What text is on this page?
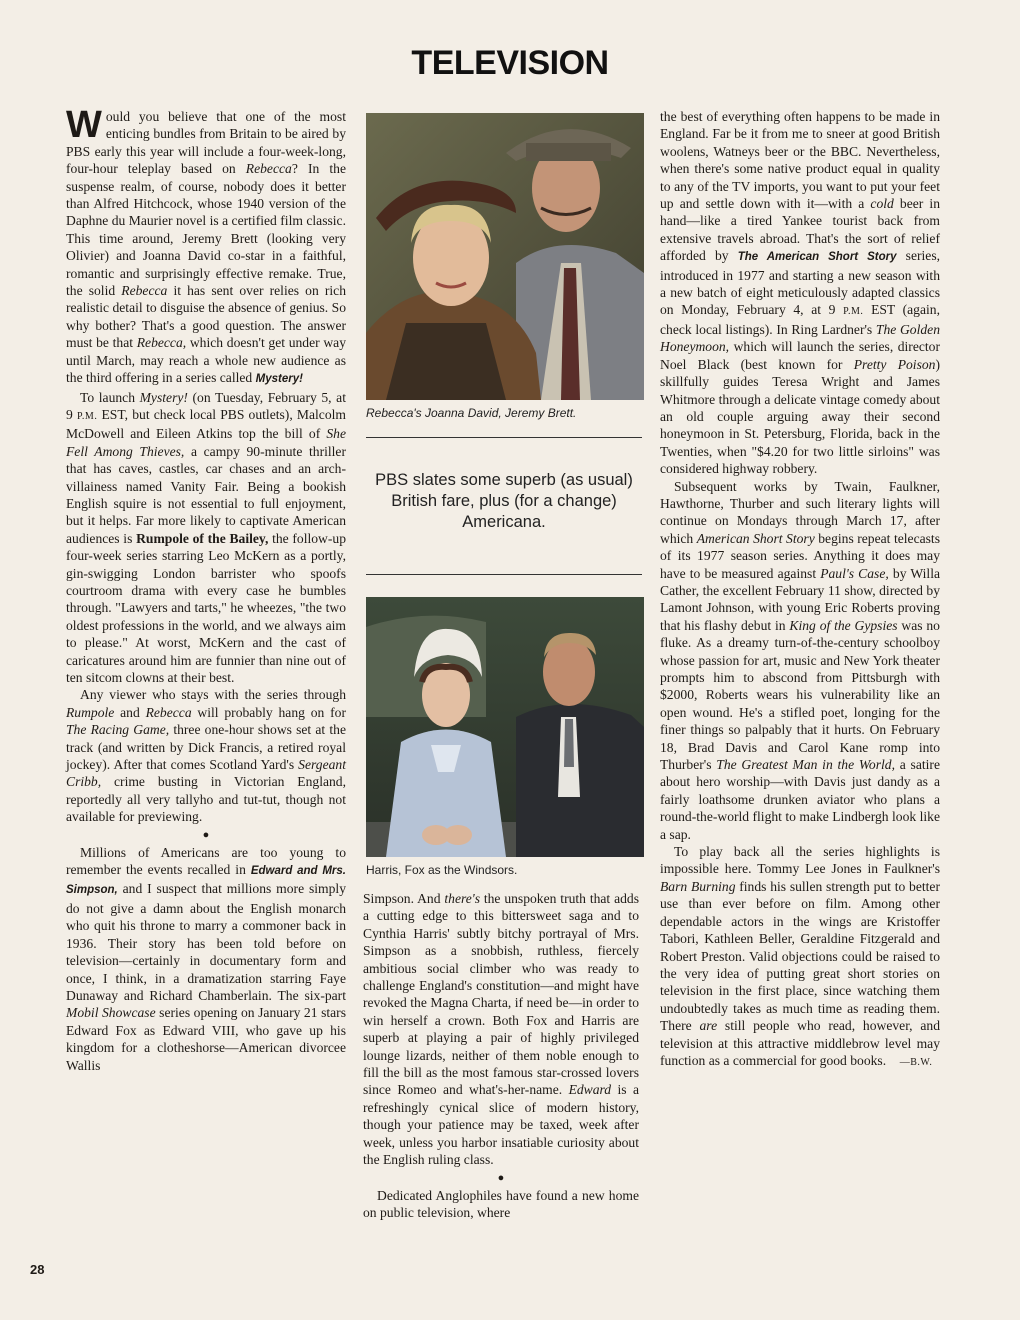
TELEVISION

Would you believe that one of the most enticing bundles from Britain to be aired by PBS early this year will include a four-week-long, four-hour teleplay based on Rebecca? In the suspense realm, of course, nobody does it better than Alfred Hitchcock, whose 1940 version of the Daphne du Maurier novel is a certified film classic. This time around, Jeremy Brett (looking very Olivier) and Joanna David co-star in a faithful, romantic and surprisingly effective remake. True, the solid Rebecca it has sent over relies on rich realistic detail to disguise the absence of genius. So why bother? That's a good question. The answer must be that Rebecca, which doesn't get under way until March, may reach a whole new audience as the third offering in a series called Mystery!

To launch Mystery! (on Tuesday, February 5, at 9 P.M. EST, but check local PBS outlets), Malcolm McDowell and Eileen Atkins top the bill of She Fell Among Thieves, a campy 90-minute thriller that has caves, castles, car chases and an arch-villainess named Vanity Fair. Being a bookish English squire is not essential to full enjoyment, but it helps. Far more likely to captivate American audiences is Rumpole of the Bailey, the follow-up four-week series starring Leo McKern as a portly, gin-swigging London barrister who spoofs courtroom drama with every case he bumbles through. "Lawyers and tarts," he wheezes, "the two oldest professions in the world, and we always aim to please." At worst, McKern and the cast of caricatures around him are funnier than nine out of ten sitcom clowns at their best.

Any viewer who stays with the series through Rumpole and Rebecca will probably hang on for The Racing Game, three one-hour shows set at the track (and written by Dick Francis, a retired royal jockey). After that comes Scotland Yard's Sergeant Cribb, crime busting in Victorian England, reportedly all very tallyho and tut-tut, though not available for previewing.

●

Millions of Americans are too young to remember the events recalled in Edward and Mrs. Simpson, and I suspect that millions more simply do not give a damn about the English monarch who quit his throne to marry a commoner back in 1936. Their story has been told before on television—certainly in documentary form and once, I think, in a dramatization starring Faye Dunaway and Richard Chamberlain. The six-part Mobil Showcase series opening on January 21 stars Edward Fox as Edward VIII, who gave up his kingdom for a clotheshorse—American divorcee Wallis

Rebecca's Joanna David, Jeremy Brett.
PBS slates some superb (as usual) British fare, plus (for a change) Americana.
Harris, Fox as the Windsors.

Simpson. And there's the unspoken truth that adds a cutting edge to this bittersweet saga and to Cynthia Harris' subtly bitchy portrayal of Mrs. Simpson as a snobbish, ruthless, fiercely ambitious social climber who was ready to challenge England's constitution—and might have revoked the Magna Charta, if need be—in order to win herself a crown. Both Fox and Harris are superb at playing a pair of highly privileged lounge lizards, neither of them noble enough to fill the bill as the most famous star-crossed lovers since Romeo and what's-her-name. Edward is a refreshingly cynical slice of modern history, though your patience may be taxed, week after week, unless you harbor insatiable curiosity about the English ruling class.

●

Dedicated Anglophiles have found a new home on public television, where

the best of everything often happens to be made in England. Far be it from me to sneer at good British woolens, Watneys beer or the BBC. Nevertheless, when there's some native product equal in quality to any of the TV imports, you want to put your feet up and settle down with it—with a cold beer in hand—like a tired Yankee tourist back from extensive travels abroad. That's the sort of relief afforded by The American Short Story series, introduced in 1977 and starting a new season with a new batch of eight meticulously adapted classics on Monday, February 4, at 9 P.M. EST (again, check local listings). In Ring Lardner's The Golden Honeymoon, which will launch the series, director Noel Black (best known for Pretty Poison) skillfully guides Teresa Wright and James Whitmore through a delicate vintage comedy about an old couple arguing away their second honeymoon in St. Petersburg, Florida, back in the Twenties, when "$4.20 for two little sirloins" was considered highway robbery.

Subsequent works by Twain, Faulkner, Hawthorne, Thurber and such literary lights will continue on Mondays through March 17, after which American Short Story begins repeat telecasts of its 1977 season series. Anything it does may have to be measured against Paul's Case, by Willa Cather, the excellent February 11 show, directed by Lamont Johnson, with young Eric Roberts proving that his flashy debut in King of the Gypsies was no fluke. As a dreamy turn-of-the-century schoolboy whose passion for art, music and New York theater prompts him to abscond from Pittsburgh with $2000, Roberts wears his vulnerability like an open wound. He's a stifled poet, longing for the finer things so palpably that it hurts. On February 18, Brad Davis and Carol Kane romp into Thurber's The Greatest Man in the World, a satire about hero worship—with Davis just dandy as a fairly loathsome drunken aviator who plans a round-the-world flight to make Lindbergh look like a sap.

To play back all the series highlights is impossible here. Tommy Lee Jones in Faulkner's Barn Burning finds his sullen strength put to better use than ever before on film. Among other dependable actors in the wings are Kristoffer Tabori, Kathleen Beller, Geraldine Fitzgerald and Robert Preston. Valid objections could be raised to the very idea of putting great short stories on television in the first place, since watching them undoubtedly takes as much time as reading them. There are still people who read, however, and television at this attractive middlebrow level may function as a commercial for good books.    —B.W.

28
